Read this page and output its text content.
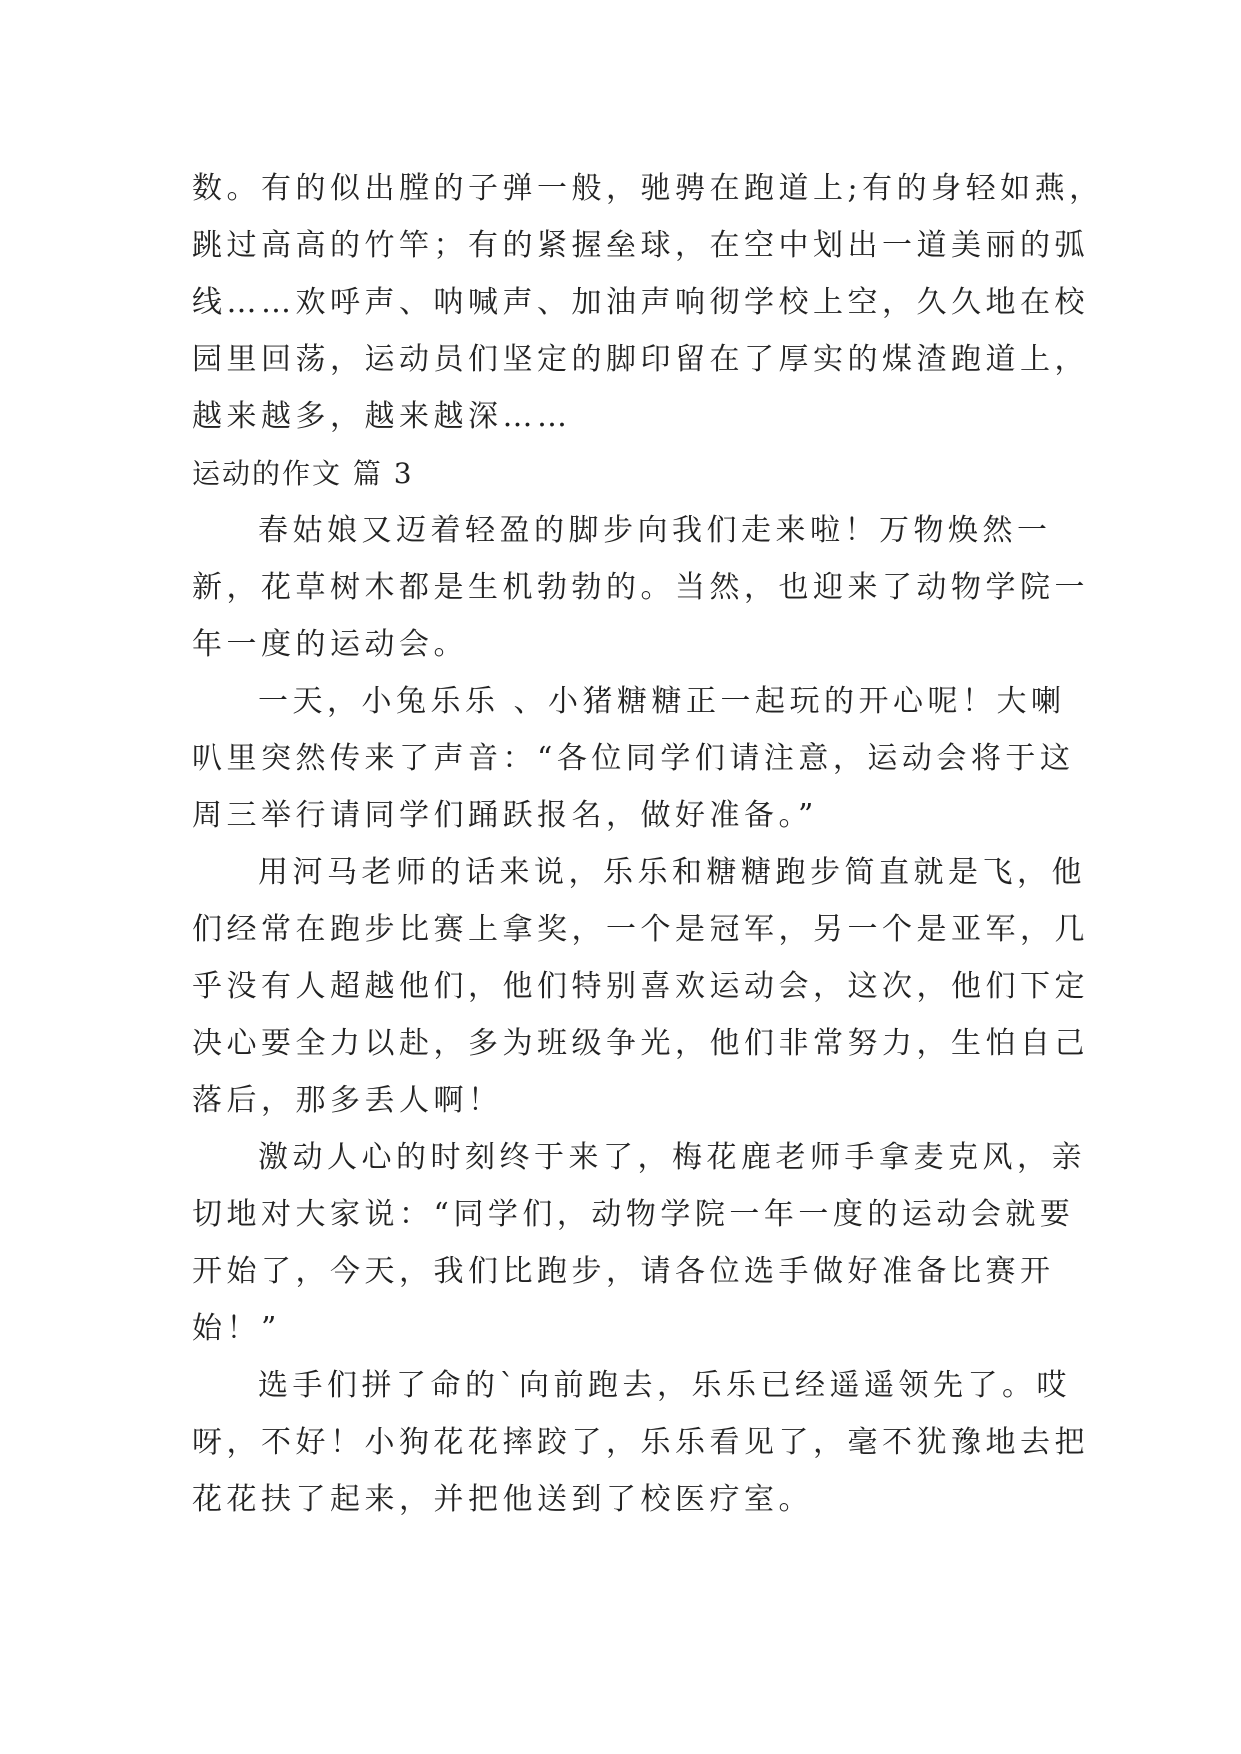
数。有的似出膛的子弹一般，驰骋在跑道上;有的身轻如燕，

跳过高高的竹竿；有的紧握垒球，在空中划出一道美丽的弧

线……欢呼声、呐喊声、加油声响彻学校上空，久久地在校

园里回荡，运动员们坚定的脚印留在了厚实的煤渣跑道上，

越来越多，越来越深……

运动的作文 篇 3

春姑娘又迈着轻盈的脚步向我们走来啦！万物焕然一

新，花草树木都是生机勃勃的。当然，也迎来了动物学院一

年一度的运动会。

一天，小兔乐乐 、小猪糖糖正一起玩的开心呢！大喇

叭里突然传来了声音：“各位同学们请注意，运动会将于这

周三举行请同学们踊跃报名，做好准备。”

用河马老师的话来说，乐乐和糖糖跑步简直就是飞，他

们经常在跑步比赛上拿奖，一个是冠军，另一个是亚军，几

乎没有人超越他们，他们特别喜欢运动会，这次，他们下定

决心要全力以赴，多为班级争光，他们非常努力，生怕自己

落后，那多丢人啊！

激动人心的时刻终于来了，梅花鹿老师手拿麦克风，亲

切地对大家说：“同学们，动物学院一年一度的运动会就要

开始了，今天，我们比跑步，请各位选手做好准备比赛开

始！”

选手们拼了命的`向前跑去，乐乐已经遥遥领先了。哎

呀，不好！小狗花花摔跤了，乐乐看见了，毫不犹豫地去把

花花扶了起来，并把他送到了校医疗室。
